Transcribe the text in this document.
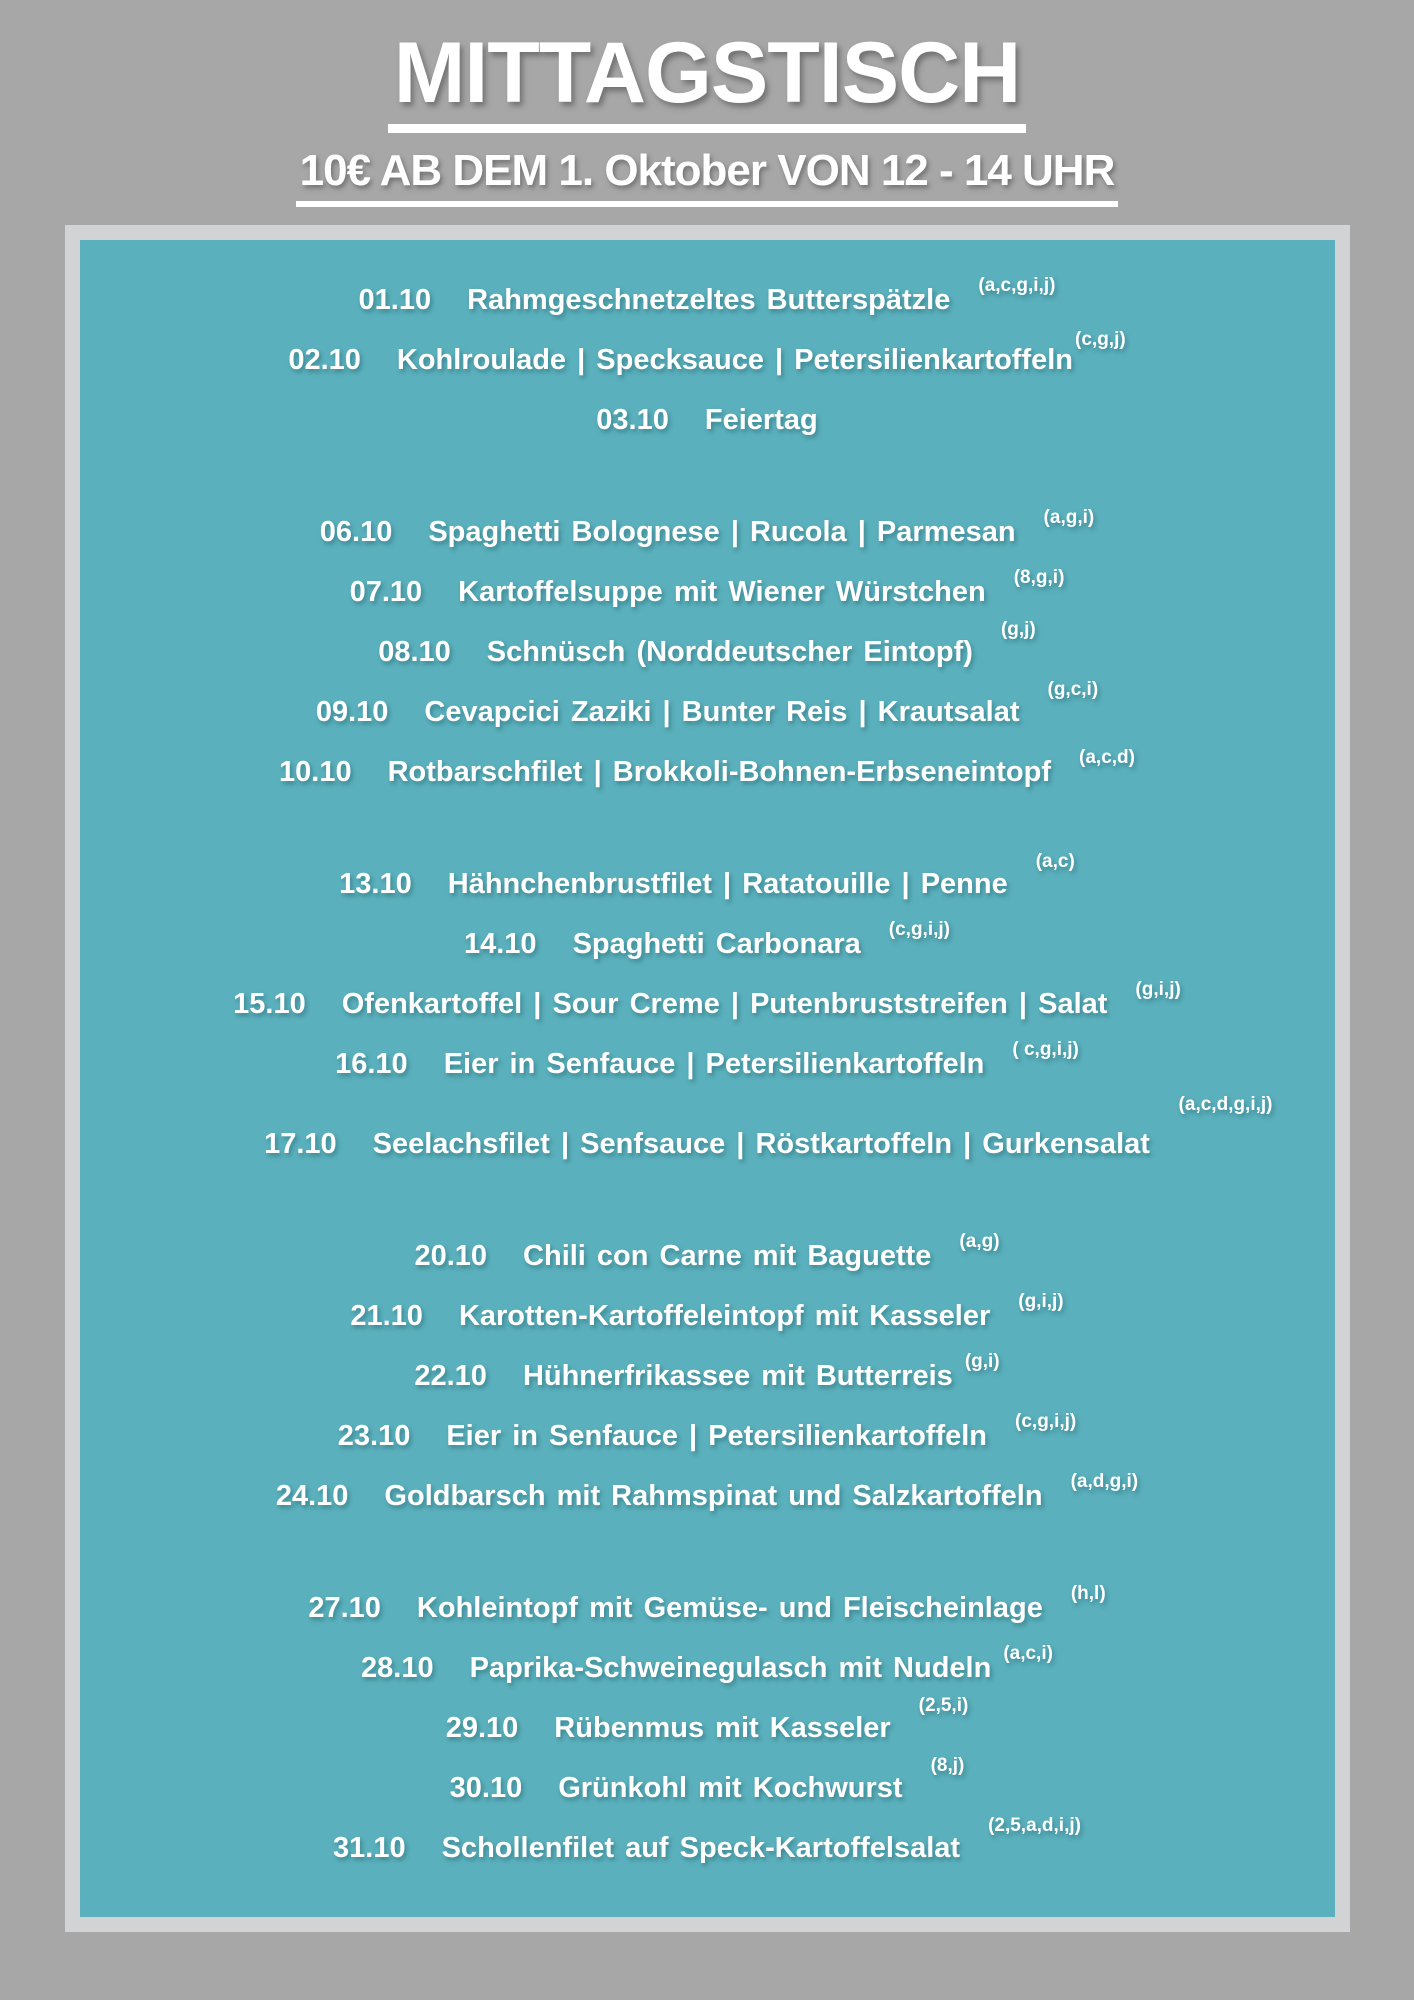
MITTAGSTISCH
10€ AB DEM 1. Oktober VON 12 - 14 UHR
01.10 Rahmgeschnetzeltes Butterspätzle $^{(a,c,g,i,j)}$
02.10 Kohlroulade | Specksauce | Petersilienkartoffeln
$^{(c,g,j)}$
03.10 Feiertag
06.10 Spaghetti Bolognese | Rucola | Parmesan $^{(a,g,i)}$
07.10 Kartoffelsuppe mit Wiener Würstchen $^{(8,g,i)}$
08.10 Schnüsch (Norddeutscher Eintopf)
$^{(g,j)}$
09.10 Cevapcici Zaziki | Bunter Reis | Krautsalat
$^{(g,c,i)}$
10.10 Rotbarschfilet | Brokkoli-Bohnen-Erbseneintopf $^{(a,c,d)}$
13.10 Hähnchenbrustfilet | Ratatouille | Penne
$^{(a,c)}$
14.10 Spaghetti Carbonara $^{(c,g,i,j)}$
15.10 Ofenkartoffel | Sour Creme | Putenbruststreifen | Salat $^{(g,i,j)}$
16.10 Eier in Senfauce | Petersilienkartoffeln $^{( c,g,i,j)}$
(a,c,d,g,i,j)
17.10 Seelachsfilet | Senfsauce | Röstkartoffeln | Gurkensalat
20.10 Chili con Carne mit Baguette $^{(a,g)}$
21.10 Karotten-Kartoffeleintopf mit Kasseler $^{(g,i,j)}$
22.10 Hühnerfrikassee mit Butterreis $^{(g,i)}$
23.10 Eier in Senfauce | Petersilienkartoffeln $^{(c,g,i,j)}$
24.10 Goldbarsch mit Rahmspinat und Salzkartoffeln $^{(a,d,g,i)}$
27.10 Kohleintopf mit Gemüse- und Fleischeinlage $^{(h,l)}$
28.10 Paprika-Schweinegulasch mit Nudeln $^{(a,c,i)}$
29.10 Rübenmus mit Kasseler
$^{(2,5,i)}$
30.10 Grünkohl mit Kochwurst
$^{(8,j)}$
31.10 Schollenfilet auf Speck-Kartoffelsalat
$^{(2,5,a,d,i,j)}$
